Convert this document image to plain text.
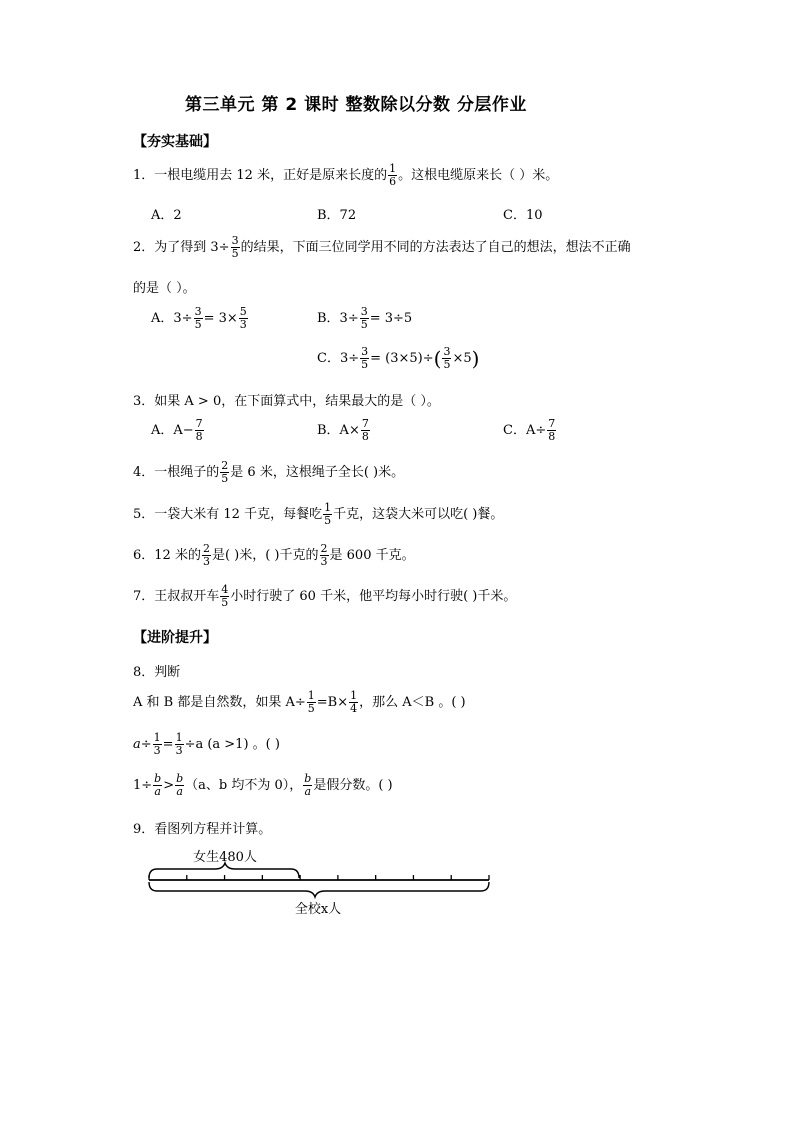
第三单元 第 2 课时 整数除以分数 分层作业
【夯实基础】
1．一根电缆用去 12 米，正好是原来长度的 $\frac{1}{6}$ 。这根电缆原来长（ ）米。
A．2	B．72	C．10
2．为了得到 $3\div \frac{3}{5}$ 的结果，下面三位同学用不同的方法表达了自己的想法，想法不正确
的是（ ）。
A．$3\div \frac{3}{5} = 3\times \frac{5}{3}$	B．$3\div \frac{3}{5} = 3\div 5$
C．$3\div \frac{3}{5} = (3\times 5)\div( \frac{3}{5} \times 5)$
3．如果 A > 0，在下面算式中，结果最大的是（ ）。
A．$A- \frac{7}{8}$	B．$A\times \frac{7}{8}$	C．$A\div \frac{7}{8}$
4．一根绳子的 $\frac{2}{5}$ 是 6 米，这根绳子全长( )米。
5．一袋大米有 12 千克，每餐吃 $\frac{1}{5}$ 千克，这袋大米可以吃( )餐。
6．12 米的 $\frac{2}{3}$ 是( )米，( )千克的 $\frac{2}{3}$ 是 600 千克。
7．王叔叔开车 $\frac{4}{5}$ 小时行驶了 60 千米，他平均每小时行驶( )千米。
【进阶提升】
8．判断
A 和 B 都是自然数，如果 $A\div \frac{1}{5} =B\times \frac{1}{4}$ ，那么 A＜B 。( )
$a\div \frac{1}{3} = \frac{1}{3} \div a$ (a >1) 。( )
$1\div \frac{b}{a} > \frac{b}{a} (a$、b 均不为 0）， $\frac{b}{a}$ 是假分数。( )
9．看图列方程并计算。
女生480人
全校x人
